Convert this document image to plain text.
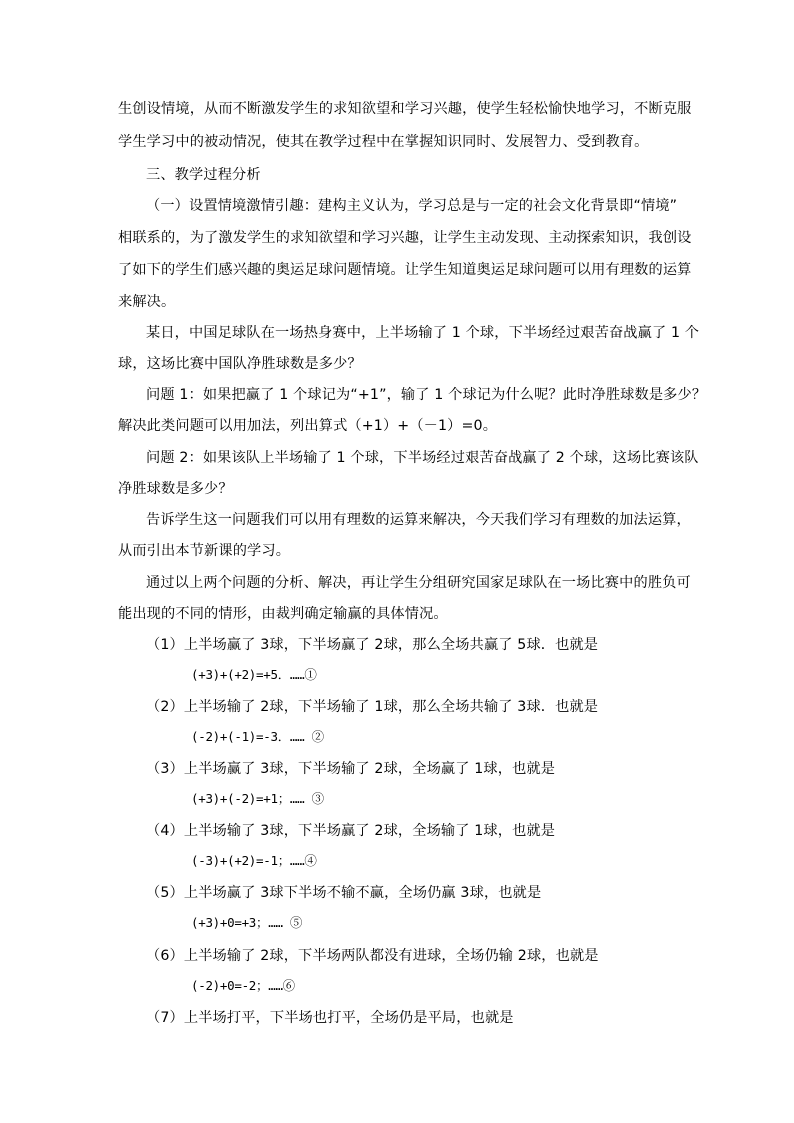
生创设情境，从而不断激发学生的求知欲望和学习兴趣，使学生轻松愉快地学习，不断克服
学生学习中的被动情况，使其在教学过程中在掌握知识同时、发展智力、受到教育。
三、教学过程分析
（一）设置情境激情引趣：建构主义认为，学习总是与一定的社会文化背景即“情境”
相联系的，为了激发学生的求知欲望和学习兴趣，让学生主动发现、主动探索知识，我创设
了如下的学生们感兴趣的奥运足球问题情境。让学生知道奥运足球问题可以用有理数的运算
来解决。
某日，中国足球队在一场热身赛中，上半场输了 1 个球，下半场经过艰苦奋战赢了 1 个
球，这场比赛中国队净胜球数是多少？
问题 1：如果把赢了 1 个球记为“+1”，输了 1 个球记为什么呢？此时净胜球数是多少？
解决此类问题可以用加法，列出算式（+1）+（－1）=0。
问题 2：如果该队上半场输了 1 个球，下半场经过艰苦奋战赢了 2 个球，这场比赛该队
净胜球数是多少？
告诉学生这一问题我们可以用有理数的运算来解决，今天我们学习有理数的加法运算，
从而引出本节新课的学习。
通过以上两个问题的分析、解决，再让学生分组研究国家足球队在一场比赛中的胜负可
能出现的不同的情形，由裁判确定输赢的具体情况。
（1）上半场赢了 3球，下半场赢了 2球，那么全场共赢了 5球．也就是
(+3)+(+2)=+5．……①
（2）上半场输了 2球，下半场输了 1球，那么全场共输了 3球．也就是
(-2)+(-1)=-3．…… ②
（3）上半场赢了 3球，下半场输了 2球，全场赢了 1球，也就是
(+3)+(-2)=+1；…… ③
（4）上半场输了 3球，下半场赢了 2球，全场输了 1球，也就是
(-3)+(+2)=-1；……④
（5）上半场赢了 3球下半场不输不赢，全场仍赢 3球，也就是
(+3)+0=+3；…… ⑤
（6）上半场输了 2球，下半场两队都没有进球，全场仍输 2球，也就是
(-2)+0=-2；……⑥
（7）上半场打平，下半场也打平，全场仍是平局，也就是
